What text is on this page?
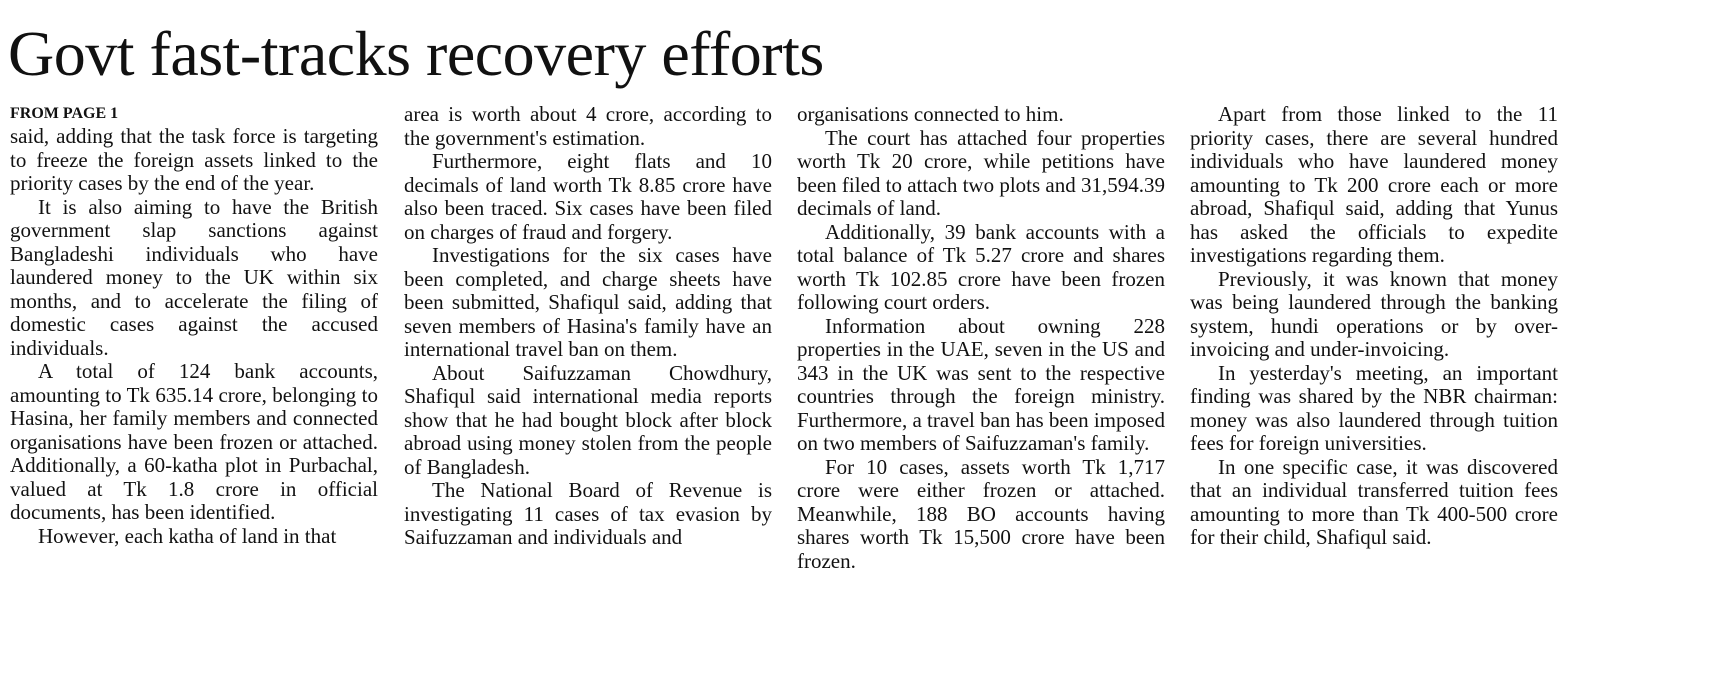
Govt fast-tracks recovery efforts
FROM PAGE 1

said, adding that the task force is targeting to freeze the foreign assets linked to the priority cases by the end of the year.

It is also aiming to have the British government slap sanctions against Bangladeshi individuals who have laundered money to the UK within six months, and to accelerate the filing of domestic cases against the accused individuals.

A total of 124 bank accounts, amounting to Tk 635.14 crore, belonging to Hasina, her family members and connected organisations have been frozen or attached. Additionally, a 60-katha plot in Purbachal, valued at Tk 1.8 crore in official documents, has been identified.

However, each katha of land in that

area is worth about 4 crore, according to the government's estimation.

Furthermore, eight flats and 10 decimals of land worth Tk 8.85 crore have also been traced. Six cases have been filed on charges of fraud and forgery.

Investigations for the six cases have been completed, and charge sheets have been submitted, Shafiqul said, adding that seven members of Hasina's family have an international travel ban on them.

About Saifuzzaman Chowdhury, Shafiqul said international media reports show that he had bought block after block abroad using money stolen from the people of Bangladesh.

The National Board of Revenue is investigating 11 cases of tax evasion by Saifuzzaman and individuals and

organisations connected to him.

The court has attached four properties worth Tk 20 crore, while petitions have been filed to attach two plots and 31,594.39 decimals of land.

Additionally, 39 bank accounts with a total balance of Tk 5.27 crore and shares worth Tk 102.85 crore have been frozen following court orders.

Information about owning 228 properties in the UAE, seven in the US and 343 in the UK was sent to the respective countries through the foreign ministry. Furthermore, a travel ban has been imposed on two members of Saifuzzaman's family.

For 10 cases, assets worth Tk 1,717 crore were either frozen or attached. Meanwhile, 188 BO accounts having shares worth Tk 15,500 crore have been frozen.

Apart from those linked to the 11 priority cases, there are several hundred individuals who have laundered money amounting to Tk 200 crore each or more abroad, Shafiqul said, adding that Yunus has asked the officials to expedite investigations regarding them.

Previously, it was known that money was being laundered through the banking system, hundi operations or by over-invoicing and under-invoicing.

In yesterday's meeting, an important finding was shared by the NBR chairman: money was also laundered through tuition fees for foreign universities.

In one specific case, it was discovered that an individual transferred tuition fees amounting to more than Tk 400-500 crore for their child, Shafiqul said.
